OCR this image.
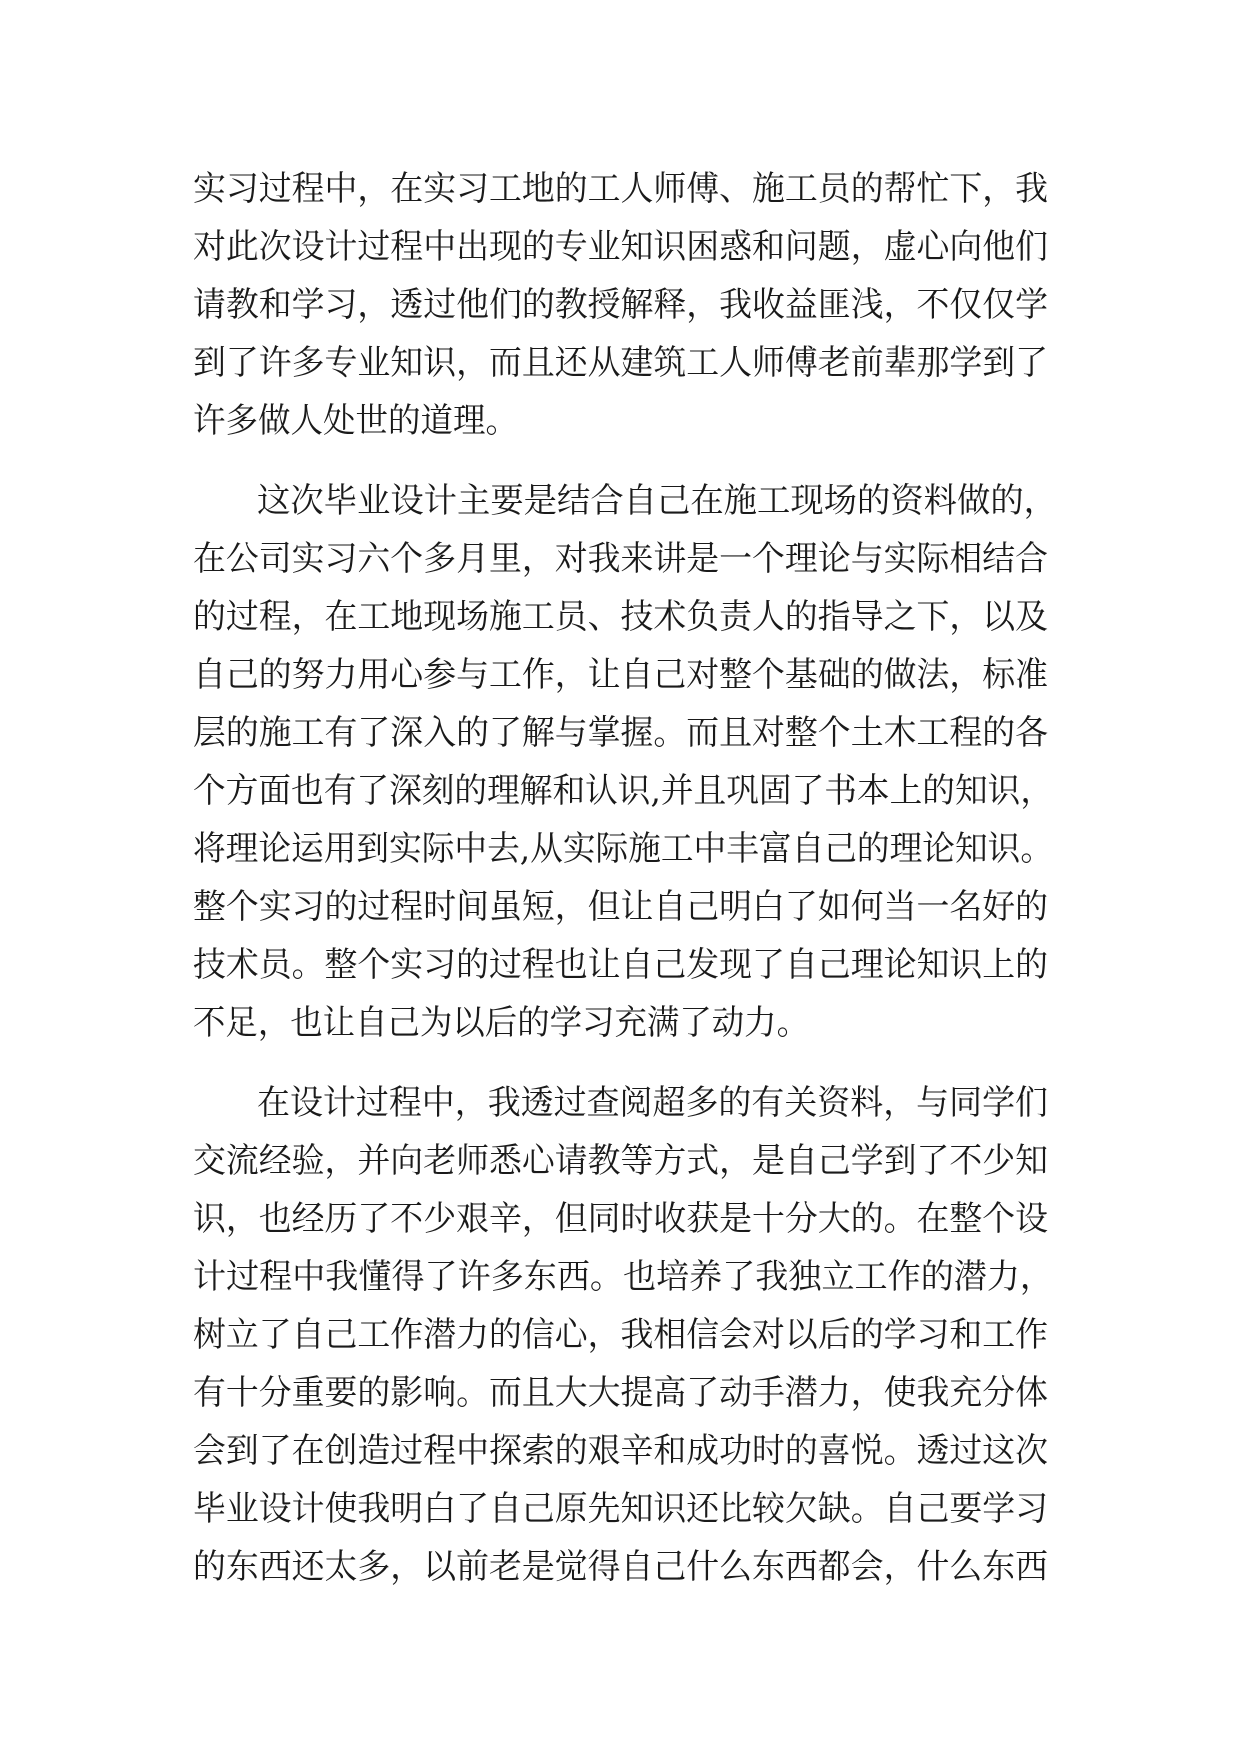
实习过程中，在实习工地的工人师傅、施工员的帮忙下，我
对此次设计过程中出现的专业知识困惑和问题，虚心向他们
请教和学习，透过他们的教授解释，我收益匪浅，不仅仅学
到了许多专业知识，而且还从建筑工人师傅老前辈那学到了
许多做人处世的道理。
这次毕业设计主要是结合自己在施工现场的资料做的，
在公司实习六个多月里，对我来讲是一个理论与实际相结合
的过程，在工地现场施工员、技术负责人的指导之下，以及
自己的努力用心参与工作，让自己对整个基础的做法，标准
层的施工有了深入的了解与掌握。而且对整个土木工程的各
个方面也有了深刻的理解和认识,并且巩固了书本上的知识，
将理论运用到实际中去,从实际施工中丰富自己的理论知识。
整个实习的过程时间虽短，但让自己明白了如何当一名好的
技术员。整个实习的过程也让自己发现了自己理论知识上的
不足，也让自己为以后的学习充满了动力。
在设计过程中，我透过查阅超多的有关资料，与同学们
交流经验，并向老师悉心请教等方式，是自己学到了不少知
识，也经历了不少艰辛，但同时收获是十分大的。在整个设
计过程中我懂得了许多东西。也培养了我独立工作的潜力，
树立了自己工作潜力的信心，我相信会对以后的学习和工作
有十分重要的影响。而且大大提高了动手潜力，使我充分体
会到了在创造过程中探索的艰辛和成功时的喜悦。透过这次
毕业设计使我明白了自己原先知识还比较欠缺。自己要学习
的东西还太多，以前老是觉得自己什么东西都会，什么东西
